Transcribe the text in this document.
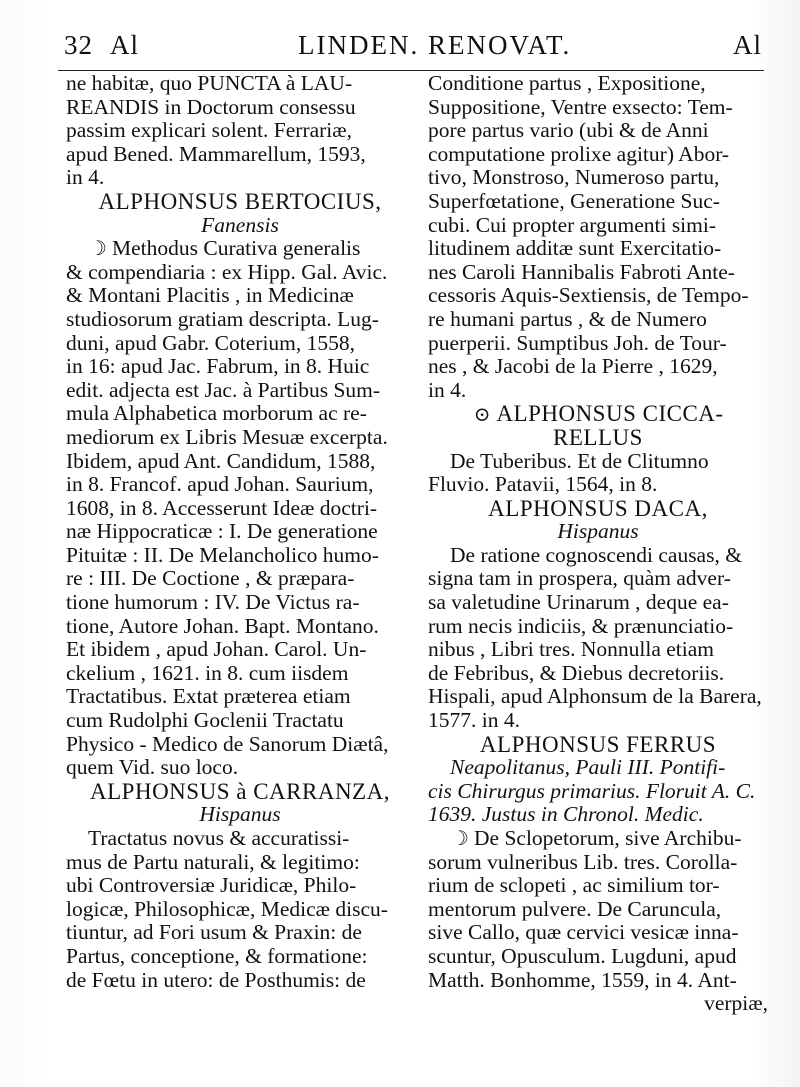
32 Al	LINDEN. RENOVAT.	Al
ne habitæ, quo PUNCTA à LAU-
REANDIS in Doctorum consessu
passim explicari solent. Ferrariæ,
apud Bened. Mammarellum, 1593,
in 4.
ALPHONSUS BERTOCIUS,
Fanensis
☽ Methodus Curativa generalis
& compendiaria : ex Hipp. Gal. Avic.
& Montani Placitis , in Medicinæ
studiosorum gratiam descripta. Lug-
duni, apud Gabr. Coterium, 1558,
in 16: apud Jac. Fabrum, in 8. Huic
edit. adjecta est Jac. à Partibus Sum-
mula Alphabetica morborum ac re-
mediorum ex Libris Mesuæ excerpta.
Ibidem, apud Ant. Candidum, 1588,
in 8. Francof. apud Johan. Saurium,
1608, in 8. Accesserunt Ideæ doctri-
næ Hippocraticæ : I. De generatione
Pituitæ : II. De Melancholico humo-
re : III. De Coctione , & præpara-
tione humorum : IV. De Victus ra-
tione, Autore Johan. Bapt. Montano.
Et ibidem , apud Johan. Carol. Un-
ckelium , 1621. in 8. cum iisdem
Tractatibus. Extat præterea etiam
cum Rudolphi Goclenii Tractatu
Physico - Medico de Sanorum Diætâ,
quem Vid. suo loco.
ALPHONSUS à CARRANZA,
Hispanus
Tractatus novus & accuratissi-
mus de Partu naturali, & legitimo:
ubi Controversiæ Juridicæ, Philo-
logicæ, Philosophicæ, Medicæ discu-
tiuntur, ad Fori usum & Praxin: de
Partus, conceptione, & formatione:
de Fœtu in utero: de Posthumis: de
Conditione partus , Expositione,
Suppositione, Ventre exsecto: Tem-
pore partus vario (ubi & de Anni
computatione prolixe agitur) Abor-
tivo, Monstroso, Numeroso partu,
Superfœtatione, Generatione Suc-
cubi. Cui propter argumenti simi-
litudinem additæ sunt Exercitatio-
nes Caroli Hannibalis Fabroti Ante-
cessoris Aquis-Sextiensis, de Tempo-
re humani partus , & de Numero
puerperii. Sumptibus Joh. de Tour-
nes , & Jacobi de la Pierre , 1629,
in 4.
⊙ ALPHONSUS CICCA-
RELLUS
De Tuberibus. Et de Clitumno
Fluvio. Patavii, 1564, in 8.
ALPHONSUS DACA,
Hispanus
De ratione cognoscendi causas, &
signa tam in prospera, quàm adver-
sa valetudine Urinarum , deque ea-
rum necis indiciis, & prænunciatio-
nibus , Libri tres. Nonnulla etiam
de Febribus, & Diebus decretoriis.
Hispali, apud Alphonsum de la Barera,
1577. in 4.
ALPHONSUS FERRUS
Neapolitanus, Pauli III. Pontifi-
cis Chirurgus primarius. Floruit A. C.
1639. Justus in Chronol. Medic.
☽ De Sclopetorum, sive Archibu-
sorum vulneribus Lib. tres. Corolla-
rium de sclopeti , ac similium tor-
mentorum pulvere. De Caruncula,
sive Callo, quæ cervici vesicæ inna-
scuntur, Opusculum. Lugduni, apud
Matth. Bonhomme, 1559, in 4. Ant-
verpiæ,
